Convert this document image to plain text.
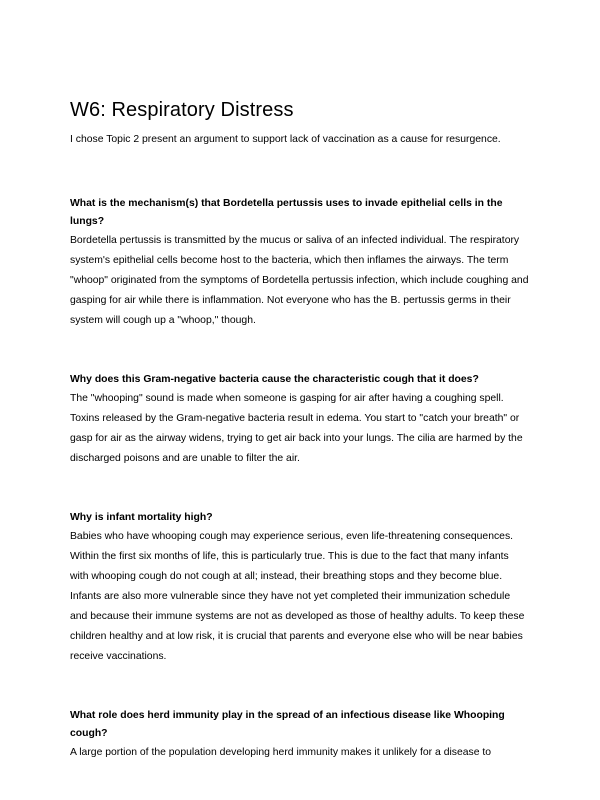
W6: Respiratory Distress

I chose Topic 2 present an argument to support lack of vaccination as a cause for resurgence.

What is the mechanism(s) that Bordetella pertussis uses to invade epithelial cells in the lungs?

Bordetella pertussis is transmitted by the mucus or saliva of an infected individual. The respiratory system's epithelial cells become host to the bacteria, which then inflames the airways. The term "whoop" originated from the symptoms of Bordetella pertussis infection, which include coughing and gasping for air while there is inflammation. Not everyone who has the B. pertussis germs in their system will cough up a "whoop," though.

Why does this Gram-negative bacteria cause the characteristic cough that it does?

The "whooping" sound is made when someone is gasping for air after having a coughing spell. Toxins released by the Gram-negative bacteria result in edema. You start to "catch your breath" or gasp for air as the airway widens, trying to get air back into your lungs. The cilia are harmed by the discharged poisons and are unable to filter the air.

Why is infant mortality high?

Babies who have whooping cough may experience serious, even life-threatening consequences. Within the first six months of life, this is particularly true. This is due to the fact that many infants with whooping cough do not cough at all; instead, their breathing stops and they become blue. Infants are also more vulnerable since they have not yet completed their immunization schedule and because their immune systems are not as developed as those of healthy adults. To keep these children healthy and at low risk, it is crucial that parents and everyone else who will be near babies receive vaccinations.

What role does herd immunity play in the spread of an infectious disease like Whooping cough?

A large portion of the population developing herd immunity makes it unlikely for a disease to
